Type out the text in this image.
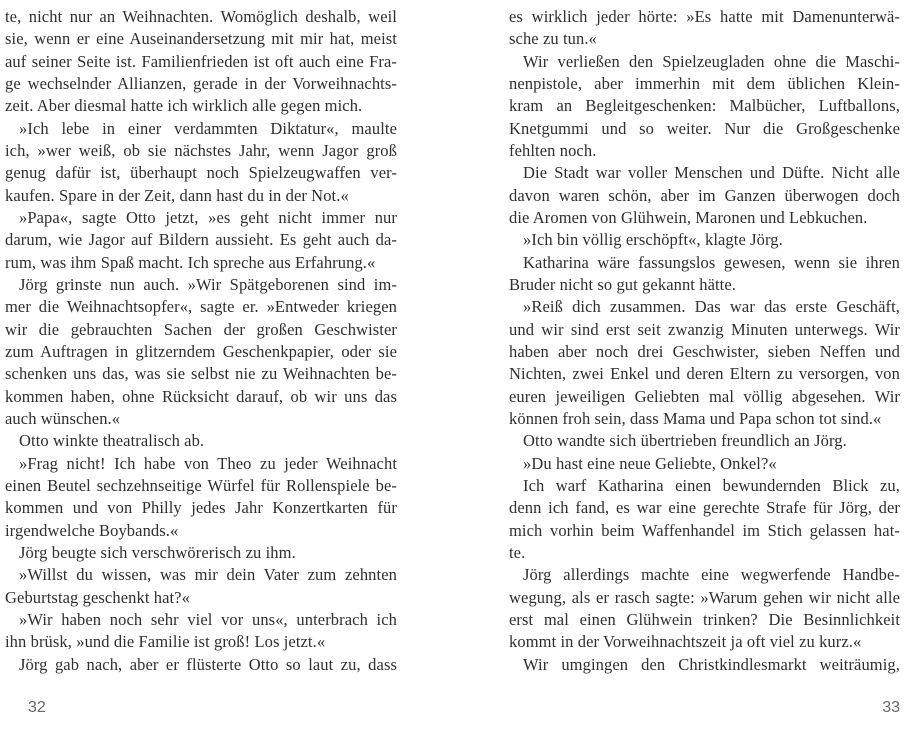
te, nicht nur an Weihnachten. Womöglich deshalb, weil
sie, wenn er eine Auseinandersetzung mit mir hat, meist
auf seiner Seite ist. Familienfrieden ist oft auch eine Fra-
ge wechselnder Allianzen, gerade in der Vorweihnachts-
zeit. Aber diesmal hatte ich wirklich alle gegen mich.
»Ich lebe in einer verdammten Diktatur«, maulte
ich, »wer weiß, ob sie nächstes Jahr, wenn Jagor groß
genug dafür ist, überhaupt noch Spielzeugwaffen ver-
kaufen. Spare in der Zeit, dann hast du in der Not.«
»Papa«, sagte Otto jetzt, »es geht nicht immer nur
darum, wie Jagor auf Bildern aussieht. Es geht auch da-
rum, was ihm Spaß macht. Ich spreche aus Erfahrung.«
Jörg grinste nun auch. »Wir Spätgeborenen sind im-
mer die Weihnachtsopfer«, sagte er. »Entweder kriegen
wir die gebrauchten Sachen der großen Geschwister
zum Auftragen in glitzerndem Geschenkpapier, oder sie
schenken uns das, was sie selbst nie zu Weihnachten be-
kommen haben, ohne Rücksicht darauf, ob wir uns das
auch wünschen.«
Otto winkte theatralisch ab.
»Frag nicht! Ich habe von Theo zu jeder Weihnacht
einen Beutel sechzehnseitige Würfel für Rollenspiele be-
kommen und von Philly jedes Jahr Konzertkarten für
irgendwelche Boybands.«
Jörg beugte sich verschwörerisch zu ihm.
»Willst du wissen, was mir dein Vater zum zehnten
Geburtstag geschenkt hat?«
»Wir haben noch sehr viel vor uns«, unterbrach ich
ihn brüsk, »und die Familie ist groß! Los jetzt.«
Jörg gab nach, aber er flüsterte Otto so laut zu, dass
32
es wirklich jeder hörte: »Es hatte mit Damenunterwä-
sche zu tun.«
Wir verließen den Spielzeugladen ohne die Maschi-
nenpistole, aber immerhin mit dem üblichen Klein-
kram an Begleitgeschenken: Malbücher, Luftballons,
Knetgummi und so weiter. Nur die Großgeschenke
fehlten noch.
Die Stadt war voller Menschen und Düfte. Nicht alle
davon waren schön, aber im Ganzen überwogen doch
die Aromen von Glühwein, Maronen und Lebkuchen.
»Ich bin völlig erschöpft«, klagte Jörg.
Katharina wäre fassungslos gewesen, wenn sie ihren
Bruder nicht so gut gekannt hätte.
»Reiß dich zusammen. Das war das erste Geschäft,
und wir sind erst seit zwanzig Minuten unterwegs. Wir
haben aber noch drei Geschwister, sieben Neffen und
Nichten, zwei Enkel und deren Eltern zu versorgen, von
euren jeweiligen Geliebten mal völlig abgesehen. Wir
können froh sein, dass Mama und Papa schon tot sind.«
Otto wandte sich übertrieben freundlich an Jörg.
»Du hast eine neue Geliebte, Onkel?«
Ich warf Katharina einen bewundernden Blick zu,
denn ich fand, es war eine gerechte Strafe für Jörg, der
mich vorhin beim Waffenhandel im Stich gelassen hat-
te.
Jörg allerdings machte eine wegwerfende Handbe-
wegung, als er rasch sagte: »Warum gehen wir nicht alle
erst mal einen Glühwein trinken? Die Besinnlichkeit
kommt in der Vorweihnachtszeit ja oft viel zu kurz.«
Wir umgingen den Christkindlesmarkt weiträumig,
33
